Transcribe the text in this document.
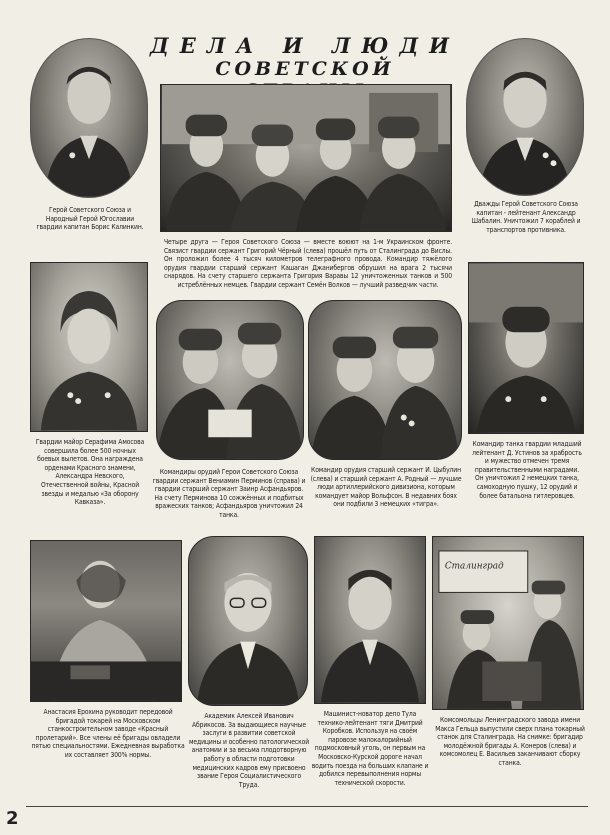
ДЕЛА И ЛЮДИ
СОВЕТСКОЙ
Герой Советского Союза и Народный Герой Югославии гвардии капитан Борис Калинкин.
Четыре друга — Героя Советского Союза — вместе воюют на 1-м Украинском фронте. Связист гвардии сержант Григорий Чёрный (слева) прошёл путь от Сталинграда до Вислы. Он проложил более 4 тысяч километров телеграфного провода. Командир тяжёлого орудия гвардии старший сержант Кашаган Джанибергов обрушил на врага 2 тысячи снарядов. На счету старшего сержанта Григория Варавы 12 уничтоженных танков и 500 истреблённых немцев. Гвардии сержант Семён Волков — лучший разведчик части.
Дважды Герой Советского Союза капитан - лейтенант Александр Шабалин. Уничтожил 7 кораблей и транспортов противника.
Гвардии майор Серафима Амосова совершила более 500 ночных боевых вылетов. Она награждена орденами Красного знамени, Александра Невского, Отечественной войны, Красной звезды и медалью «За оборону Кавказа».
Командиры орудий Герои Советского Союза гвардии сержант Вениамин Перминов (справа) и гвардии старший сержант Заинр Асфандьяров. На счету Перминова 10 сожжённых и подбитых вражеских танков; Асфандьяров уничтожил 24 танка.
Командир орудия старший сержант И. Цыбулин (слева) и старший сержант А. Родный — лучшие люди артиллерийского дивизиона, которым командует майор Вольфсон. В недавних боях они подбили 3 немецких «тигра».
Командир танка гвардии младший лейтенант Д. Устинов за храбрость и мужество отмечен тремя правительственными наградами. Он уничтожил 2 немецких танка, самоходную пушку, 12 орудий и более батальона гитлеровцев.
Анастасия Ерохина руководит передовой бригадой токарей на Московском станкостроительном заводе «Красный пролетарий». Все члены её бригады овладели пятью специальностями. Ежедневная выработка их составляет 300% нормы.
Академик Алексей Иванович Абрикосов. За выдающиеся научные заслуги в развитии советской медицины и особенно патологической анатомии и за весьма плодотворную работу в области подготовки медицинских кадров ему присвоено звание Героя Социалистического Труда.
Машинист-новатор депо Тула технико-лейтенант тяги Дмитрий Коробков. Используя на своём паровозе малокалорийный подмосковный уголь, он первым на Московско-Курской дороге начал водить поезда на больших клапане и добился перевыполнения нормы технической скорости.
Сталинград
Комсомольцы Ленинградского завода имени Макса Гельца выпустили сверх плана токарный станок для Сталинграда. На снимке: бригадир молодёжной бригады А. Конеров (слева) и комсомолец Е. Васильев заканчивают сборку станка.
2
